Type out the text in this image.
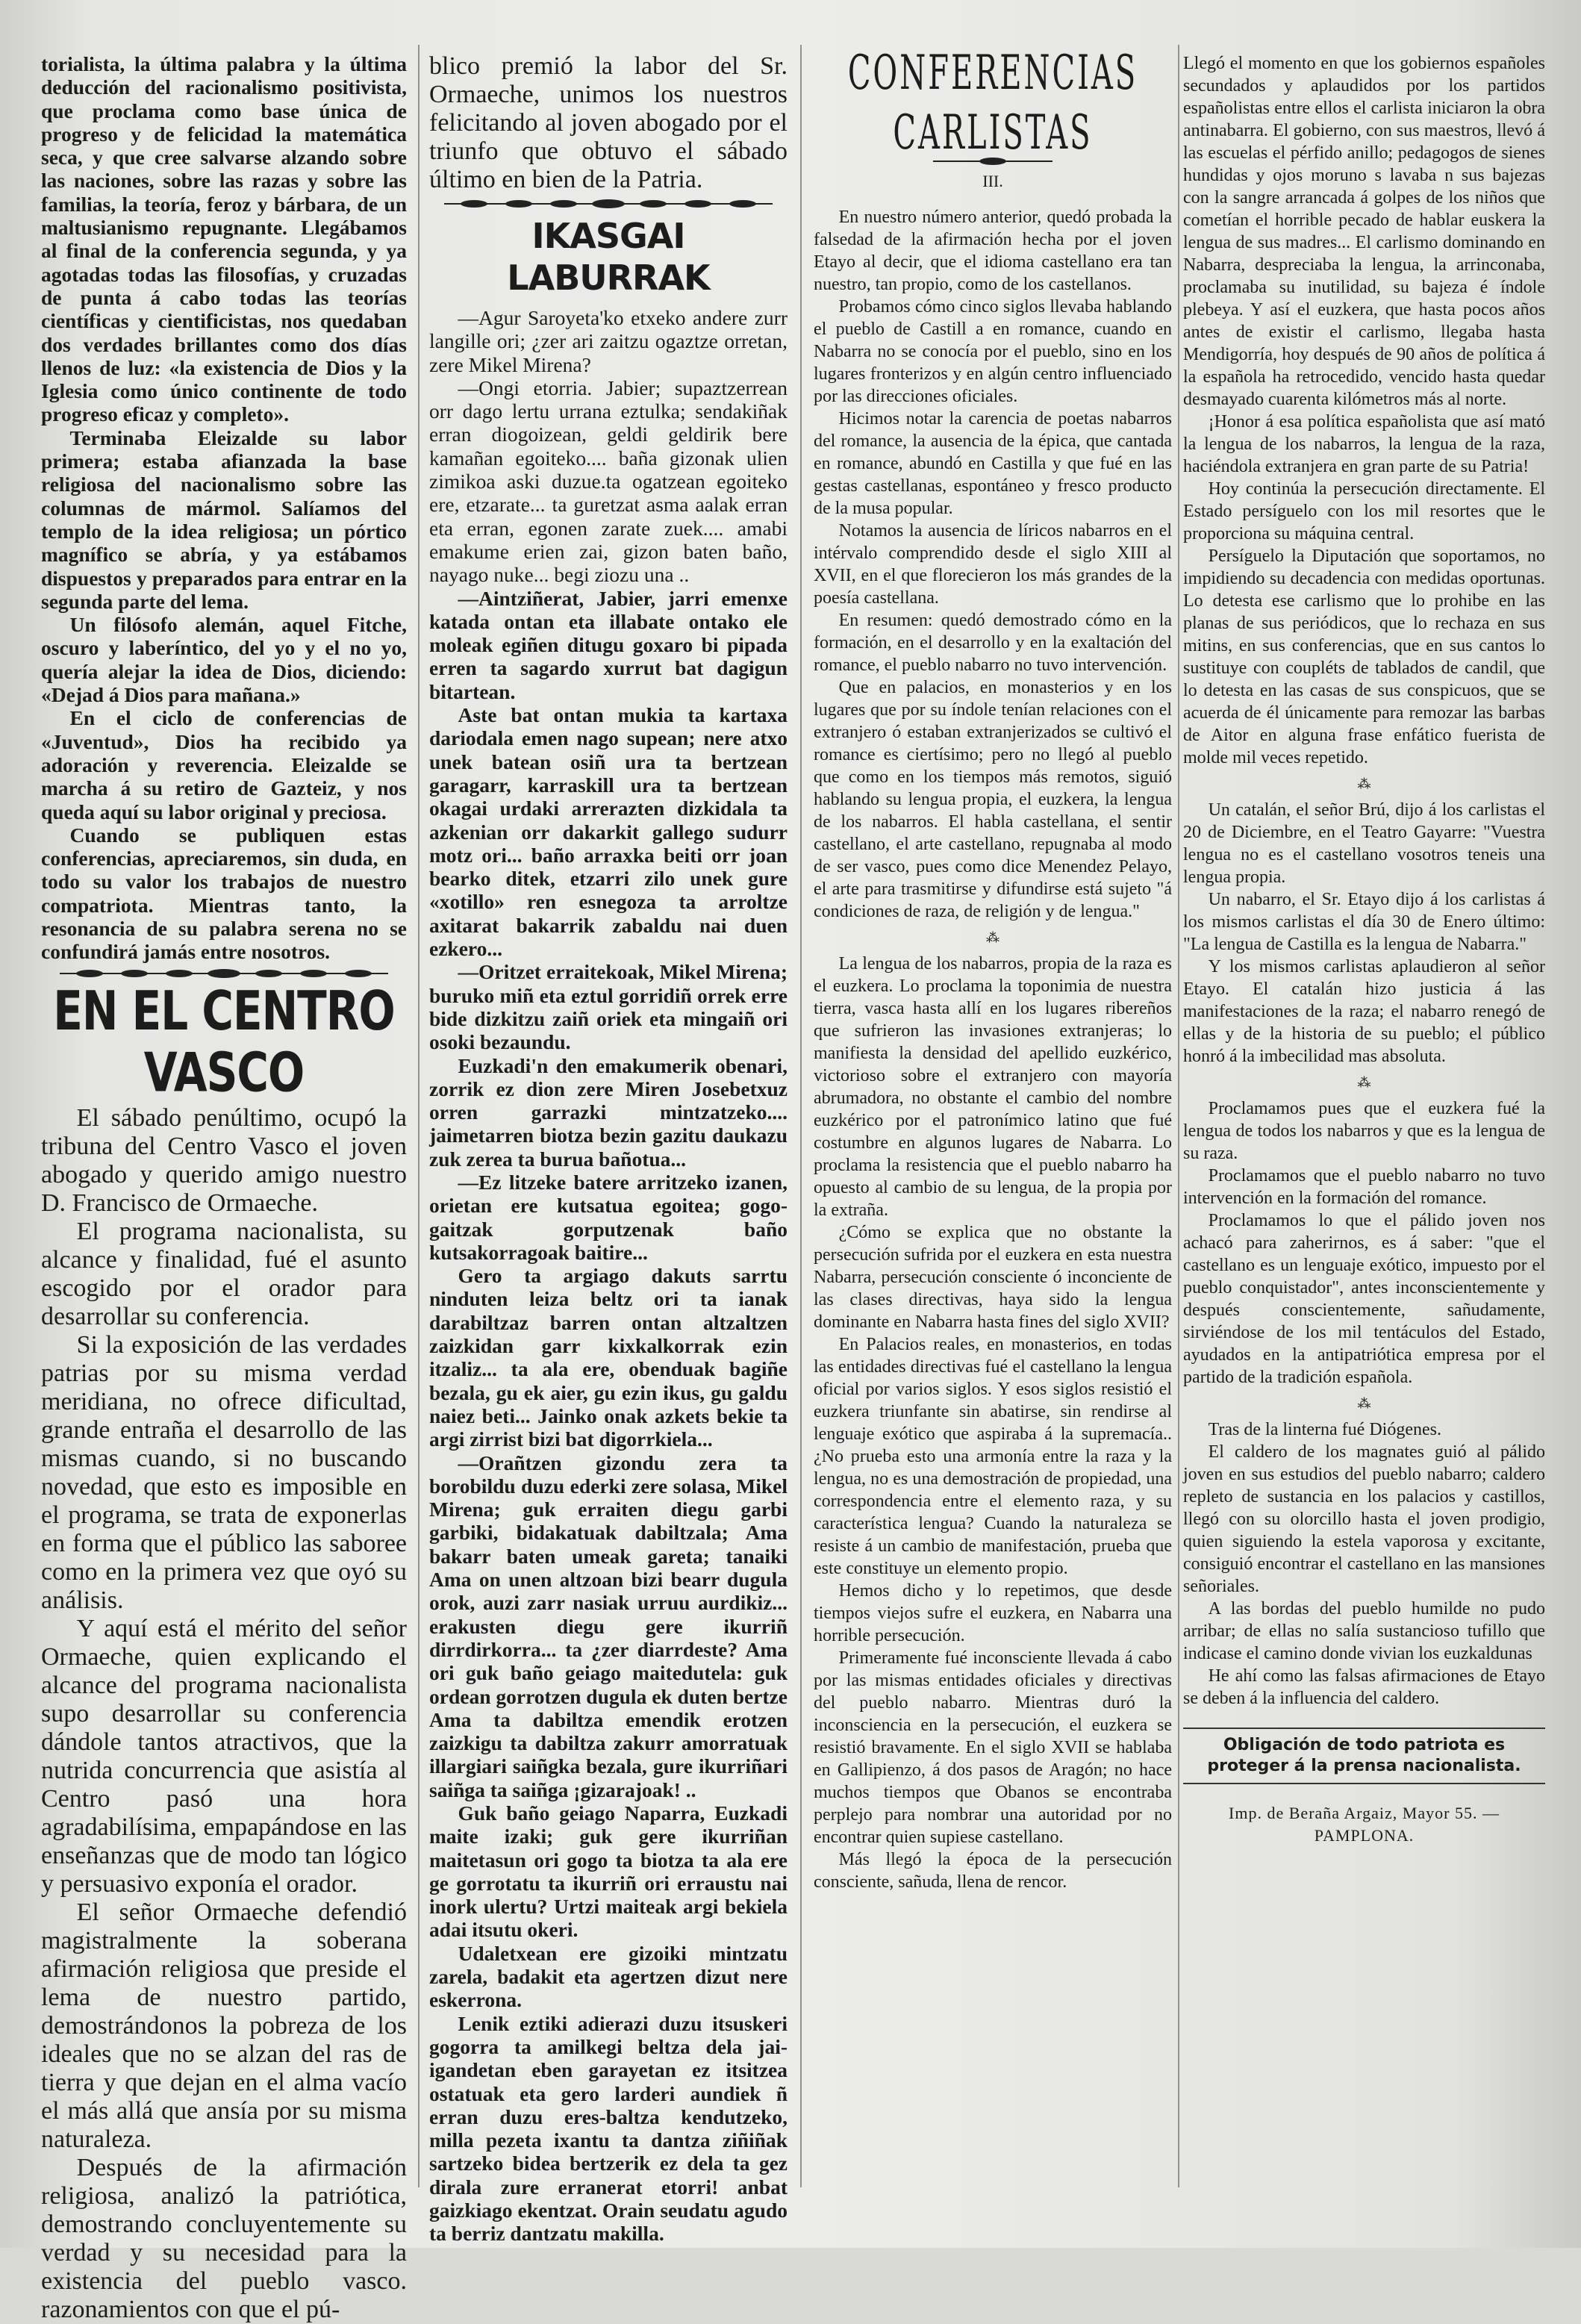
torialista, la última palabra y la última deducción del racionalismo positivista, que proclama como base única de progreso y de felicidad la matemática seca, y que cree salvarse alzando sobre las naciones, sobre las razas y sobre las familias, la teoría, feroz y bárbara, de un maltusianismo repugnante. Llegábamos al final de la conferencia segunda, y ya agotadas todas las filosofías, y cruzadas de punta á cabo todas las teorías científicas y cientificistas, nos quedaban dos verdades brillantes como dos días llenos de luz: «la existencia de Dios y la Iglesia como único continente de todo progreso eficaz y completo».

Terminaba Eleizalde su labor primera; estaba afianzada la base religiosa del nacionalismo sobre las columnas de mármol. Salíamos del templo de la idea religiosa; un pórtico magnífico se abría, y ya estábamos dispuestos y preparados para entrar en la segunda parte del lema.

Un filósofo alemán, aquel Fitche, oscuro y laberíntico, del yo y el no yo, quería alejar la idea de Dios, diciendo: «Dejad á Dios para mañana.»

En el ciclo de conferencias de «Juventud», Dios ha recibido ya adoración y reverencia. Eleizalde se marcha á su retiro de Gazteiz, y nos queda aquí su labor original y preciosa.

Cuando se publiquen estas conferencias, apreciaremos, sin duda, en todo su valor los trabajos de nuestro compatriota. Mientras tanto, la resonancia de su palabra serena no se confundirá jamás entre nosotros.

EN EL CENTRO VASCO

El sábado penúltimo, ocupó la tribuna del Centro Vasco el joven abogado y querido amigo nuestro D. Francisco de Ormaeche.

El programa nacionalista, su alcance y finalidad, fué el asunto escogido por el orador para desarrollar su conferencia.

Si la exposición de las verdades patrias por su misma verdad meridiana, no ofrece dificultad, grande entraña el desarrollo de las mismas cuando, si no buscando novedad, que esto es imposible en el programa, se trata de exponerlas en forma que el público las saboree como en la primera vez que oyó su análisis.

Y aquí está el mérito del señor Ormaeche, quien explicando el alcance del programa nacionalista supo desarrollar su conferencia dándole tantos atractivos, que la nutrida concurrencia que asistía al Centro pasó una hora agradabilísima, empapándose en las enseñanzas que de modo tan lógico y persuasivo exponía el orador.

El señor Ormaeche defendió magistralmente la soberana afirmación religiosa que preside el lema de nuestro partido, demostrándonos la pobreza de los ideales que no se alzan del ras de tierra y que dejan en el alma vacío el más allá que ansía por su misma naturaleza.

Después de la afirmación religiosa, analizó la patriótica, demostrando concluyentemente su verdad y su necesidad para la existencia del pueblo vasco. razonamientos con que el pú-

blico premió la labor del Sr. Ormaeche, unimos los nuestros felicitando al joven abogado por el triunfo que obtuvo el sábado último en bien de la Patria.

IKASGAI LABURRAK

—Agur Saroyeta'ko etxeko andere zurr langille ori; ¿zer ari zaitzu ogaztze orretan, zere Mikel Mirena?

—Ongi etorria. Jabier; supaztzerrean orr dago lertu urrana eztulka; sendakiñak erran diogoizean, geldi geldirik bere kamañan egoiteko.... baña gizonak ulien zimikoa aski duzue.ta ogatzean egoiteko ere, etzarate... ta guretzat asma aalak erran eta erran, egonen zarate zuek.... amabi emakume erien zai, gizon baten baño, nayago nuke... begi ziozu una ..

—Aintziñerat, Jabier, jarri emenxe katada ontan eta illabate ontako ele moleak egiñen ditugu goxaro bi pipada erren ta sagardo xurrut bat dagigun bitartean.

Aste bat ontan mukia ta kartaxa dariodala emen nago supean; nere atxo unek batean osiñ ura ta bertzean garagarr, karraskill ura ta bertzean okagai urdaki arrerazten dizkidala ta azkenian orr dakarkit gallego sudurr motz ori... baño arraxka beiti orr joan bearko ditek, etzarri zilo unek gure «xotillo» ren esnegoza ta arroltze axitarat bakarrik zabaldu nai duen ezkero...

—Oritzet erraitekoak, Mikel Mirena; buruko miñ eta eztul gorridiñ orrek erre bide dizkitzu zaiñ oriek eta mingaiñ ori osoki bezaundu.

Euzkadi'n den emakumerik obenari, zorrik ez dion zere Miren Josebetxuz orren garrazki mintzatzeko.... jaimetarren biotza bezin gazitu daukazu zuk zerea ta burua bañotua...

—Ez litzeke batere arritzeko izanen, orietan ere kutsatua egoitea; gogo-gaitzak gorputzenak baño kutsakorragoak baitire...

Gero ta argiago dakuts sarrtu ninduten leiza beltz ori ta ianak darabiltzaz barren ontan altzaltzen zaizkidan garr kixkalkorrak ezin itzaliz... ta ala ere, obenduak bagiñe bezala, gu ek aier, gu ezin ikus, gu galdu naiez beti... Jainko onak azkets bekie ta argi zirrist bizi bat digorrkiela...

—Orañtzen gizondu zera ta borobildu duzu ederki zere solasa, Mikel Mirena; guk erraiten diegu garbi garbiki, bidakatuak dabiltzala; Ama bakarr baten umeak gareta; tanaiki Ama on unen altzoan bizi bearr dugula orok, auzi zarr nasiak urruu aurdikiz... erakusten diegu gere ikurriñ dirrdirkorra... ta ¿zer diarrdeste? Ama ori guk baño geiago maitedutela: guk ordean gorrotzen dugula ek duten bertze Ama ta dabiltza emendik erotzen zaizkigu ta dabiltza zakurr amorratuak illargiari saiñgka bezala, gure ikurriñari saiñga ta saiñga ¡gizarajoak! ..

Guk baño geiago Naparra, Euzkadi maite izaki; guk gere ikurriñan maitetasun ori gogo ta biotza ta ala ere ge gorrotatu ta ikurriñ ori erraustu nai inork ulertu? Urtzi maiteak argi bekiela adai itsutu okeri.

Udaletxean ere gizoiki mintzatu zarela, badakit eta agertzen dizut nere eskerrona.

Lenik eztiki adierazi duzu itsuskeri gogorra ta amilkegi beltza dela jai-igandetan eben garayetan ez itsitzea ostatuak eta gero larderi aundiek ñ erran duzu eres-baltza kendutzeko, milla pezeta ixantu ta dantza ziñiñak sartzeko bidea bertzerik ez dela ta gez dirala zure erranerat etorri! anbat gaizkiago ekentzat. Orain seudatu agudo ta berriz dantzatu makilla.

CONFERENCIAS CARLISTAS
III.

En nuestro número anterior, quedó probada la falsedad de la afirmación hecha por el joven Etayo al decir, que el idioma castellano era tan nuestro, tan propio, como de los castellanos.

Probamos cómo cinco siglos llevaba hablando el pueblo de Castill a en romance, cuando en Nabarra no se conocía por el pueblo, sino en los lugares fronterizos y en algún centro influenciado por las direcciones oficiales.

Hicimos notar la carencia de poetas nabarros del romance, la ausencia de la épica, que cantada en romance, abundó en Castilla y que fué en las gestas castellanas, espontáneo y fresco producto de la musa popular.

Notamos la ausencia de líricos nabarros en el intérvalo comprendido desde el siglo XIII al XVII, en el que florecieron los más grandes de la poesía castellana.

En resumen: quedó demostrado cómo en la formación, en el desarrollo y en la exaltación del romance, el pueblo nabarro no tuvo intervención.

Que en palacios, en monasterios y en los lugares que por su índole tenían relaciones con el extranjero ó estaban extranjerizados se cultivó el romance es ciertísimo; pero no llegó al pueblo que como en los tiempos más remotos, siguió hablando su lengua propia, el euzkera, la lengua de los nabarros. El habla castellana, el sentir castellano, el arte castellano, repugnaba al modo de ser vasco, pues como dice Menendez Pelayo, el arte para trasmitirse y difundirse está sujeto "á condiciones de raza, de religión y de lengua."

⁂

La lengua de los nabarros, propia de la raza es el euzkera. Lo proclama la toponimia de nuestra tierra, vasca hasta allí en los lugares ribereños que sufrieron las invasiones extranjeras; lo manifiesta la densidad del apellido euzkérico, victorioso sobre el extranjero con mayoría abrumadora, no obstante el cambio del nombre euzkérico por el patronímico latino que fué costumbre en algunos lugares de Nabarra. Lo proclama la resistencia que el pueblo nabarro ha opuesto al cambio de su lengua, de la propia por la extraña.

¿Cómo se explica que no obstante la persecución sufrida por el euzkera en esta nuestra Nabarra, persecución consciente ó inconciente de las clases directivas, haya sido la lengua dominante en Nabarra hasta fines del siglo XVII?

En Palacios reales, en monasterios, en todas las entidades directivas fué el castellano la lengua oficial por varios siglos. Y esos siglos resistió el euzkera triunfante sin abatirse, sin rendirse al lenguaje exótico que aspiraba á la supremacía.. ¿No prueba esto una armonía entre la raza y la lengua, no es una demostración de propiedad, una correspondencia entre el elemento raza, y su característica lengua? Cuando la naturaleza se resiste á un cambio de manifestación, prueba que este constituye un elemento propio.

Hemos dicho y lo repetimos, que desde tiempos viejos sufre el euzkera, en Nabarra una horrible persecución.

Primeramente fué inconsciente llevada á cabo por las mismas entidades oficiales y directivas del pueblo nabarro. Mientras duró la inconsciencia en la persecución, el euzkera se resistió bravamente. En el siglo XVII se hablaba en Gallipienzo, á dos pasos de Aragón; no hace muchos tiempos que Obanos se encontraba perplejo para nombrar una autoridad por no encontrar quien supiese castellano.

Más llegó la época de la persecución consciente, sañuda, llena de rencor.

Llegó el momento en que los gobiernos españoles secundados y aplaudidos por los partidos españolistas entre ellos el carlista iniciaron la obra antinabarra. El gobierno, con sus maestros, llevó á las escuelas el pérfido anillo; pedagogos de sienes hundidas y ojos moruno s lavaba n sus bajezas con la sangre arrancada á golpes de los niños que cometían el horrible pecado de hablar euskera la lengua de sus madres... El carlismo dominando en Nabarra, despreciaba la lengua, la arrinconaba, proclamaba su inutilidad, su bajeza é índole plebeya. Y así el euzkera, que hasta pocos años antes de existir el carlismo, llegaba hasta Mendigorría, hoy después de 90 años de política á la española ha retrocedido, vencido hasta quedar desmayado cuarenta kilómetros más al norte.

¡Honor á esa política españolista que así mató la lengua de los nabarros, la lengua de la raza, haciéndola extranjera en gran parte de su Patria!

Hoy continúa la persecución directamente. El Estado persíguelo con los mil resortes que le proporciona su máquina central.

Persíguelo la Diputación que soportamos, no impidiendo su decadencia con medidas oportunas. Lo detesta ese carlismo que lo prohibe en las planas de sus periódicos, que lo rechaza en sus mitins, en sus conferencias, que en sus cantos lo sustituye con coupléts de tablados de candil, que lo detesta en las casas de sus conspicuos, que se acuerda de él únicamente para remozar las barbas de Aitor en alguna frase enfático fuerista de molde mil veces repetido.

⁂

Un catalán, el señor Brú, dijo á los carlistas el 20 de Diciembre, en el Teatro Gayarre: "Vuestra lengua no es el castellano vosotros teneis una lengua propia.

Un nabarro, el Sr. Etayo dijo á los carlistas á los mismos carlistas el día 30 de Enero último: "La lengua de Castilla es la lengua de Nabarra."

Y los mismos carlistas aplaudieron al señor Etayo. El catalán hizo justicia á las manifestaciones de la raza; el nabarro renegó de ellas y de la historia de su pueblo; el público honró á la imbecilidad mas absoluta.

⁂

Proclamamos pues que el euzkera fué la lengua de todos los nabarros y que es la lengua de su raza.

Proclamamos que el pueblo nabarro no tuvo intervención en la formación del romance.

Proclamamos lo que el pálido joven nos achacó para zaherirnos, es á saber: "que el castellano es un lenguaje exótico, impuesto por el pueblo conquistador", antes inconscientemente y después conscientemente, sañudamente, sirviéndose de los mil tentáculos del Estado, ayudados en la antipatriótica empresa por el partido de la tradición española.

⁂

Tras de la linterna fué Diógenes.

El caldero de los magnates guió al pálido joven en sus estudios del pueblo nabarro; caldero repleto de sustancia en los palacios y castillos, llegó con su olorcillo hasta el joven prodigio, quien siguiendo la estela vaporosa y excitante, consiguió encontrar el castellano en las mansiones señoriales.

A las bordas del pueblo humilde no pudo arribar; de ellas no salía sustancioso tufillo que indicase el camino donde vivian los euzkaldunas

He ahí como las falsas afirmaciones de Etayo se deben á la influencia del caldero.

Obligación de todo patriota es proteger á la prensa nacionalista.
Imp. de Beraña Argaiz, Mayor 55. —PAMPLONA.
